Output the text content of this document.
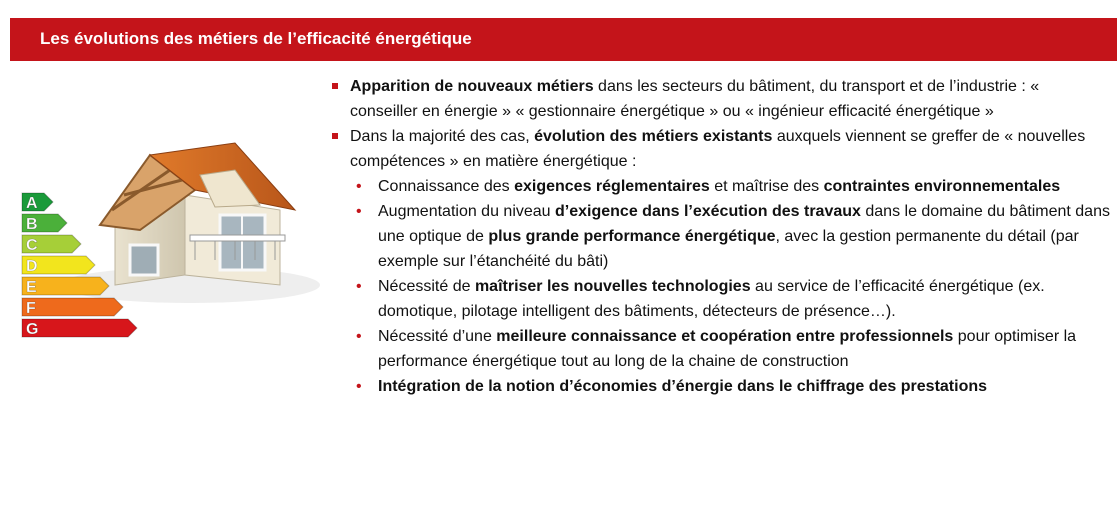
Les évolutions des métiers de l’efficacité énergétique
A
B
C
D
E
F
G
Apparition de nouveaux métiers dans les secteurs du bâtiment, du transport et de l’industrie : « conseiller en énergie » « gestionnaire énergétique » ou « ingénieur efficacité énergétique »
Dans la majorité des cas, évolution des métiers existants auxquels viennent se greffer de « nouvelles compétences » en matière énergétique :
• Connaissance des exigences réglementaires et maîtrise des contraintes environnementales
• Augmentation du niveau d’exigence dans l’exécution des travaux dans le domaine du bâtiment dans une optique de plus grande performance énergétique, avec la gestion permanente du détail (par exemple sur l’étanchéité du bâti)
• Nécessité de maîtriser les nouvelles technologies au service de l’efficacité énergétique (ex. domotique, pilotage intelligent des bâtiments, détecteurs de présence…).
• Nécessité d’une meilleure connaissance et coopération entre professionnels pour optimiser la performance énergétique tout au long de la chaine de construction
• Intégration de la notion d’économies d’énergie dans le chiffrage des prestations
